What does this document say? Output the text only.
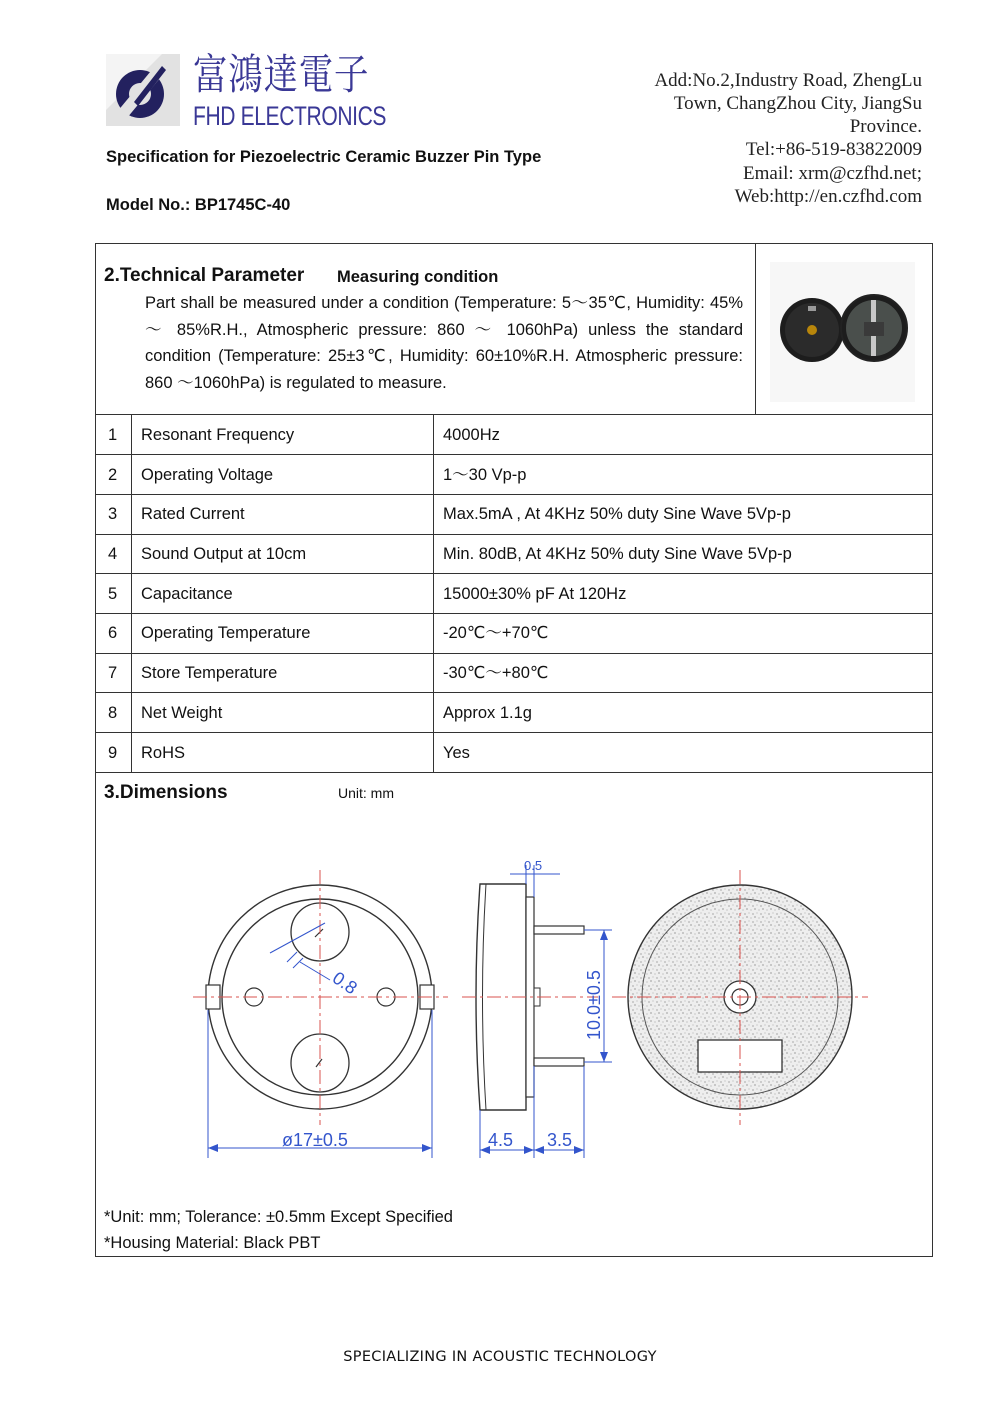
富鴻達電子
FHD ELECTRONICS
Add:No.2,Industry Road, ZhengLu
Town, ChangZhou City, JiangSu
Province.
Tel:+86-519-83822009
Email: xrm@czfhd.net;
Web:http://en.czfhd.com
Specification for Piezoelectric Ceramic Buzzer Pin Type
Model No.: BP1745C-40
2.Technical Parameter Measuring condition
Part shall be measured under a condition (Temperature: 5～35℃, Humidity: 45% ～ 85%R.H., Atmospheric pressure: 860 ～ 1060hPa) unless the standard condition (Temperature: 25±3℃, Humidity: 60±10%R.H. Atmospheric pressure: 860 ～1060hPa) is regulated to measure.
1 Resonant Frequency	4000Hz
2 Operating Voltage	1～30 Vp-p
3 Rated Current	Max.5mA , At 4KHz 50% duty Sine Wave 5Vp-p
4 Sound Output at 10cm	Min. 80dB, At 4KHz 50% duty Sine Wave 5Vp-p
5 Capacitance	15000±30% pF At 120Hz
6 Operating Temperature	-20℃～+70℃
7 Store Temperature	-30℃～+80℃
8 Net Weight	Approx 1.1g
9 RoHS	Yes
3.Dimensions	Unit: mm
0.8
ø17±0.5
0.5
10.0±0.5
4.5 3.5
*Unit: mm; Tolerance: ±0.5mm Except Specified
*Housing Material: Black PBT
SPECIALIZING IN ACOUSTIC TECHNOLOGY
